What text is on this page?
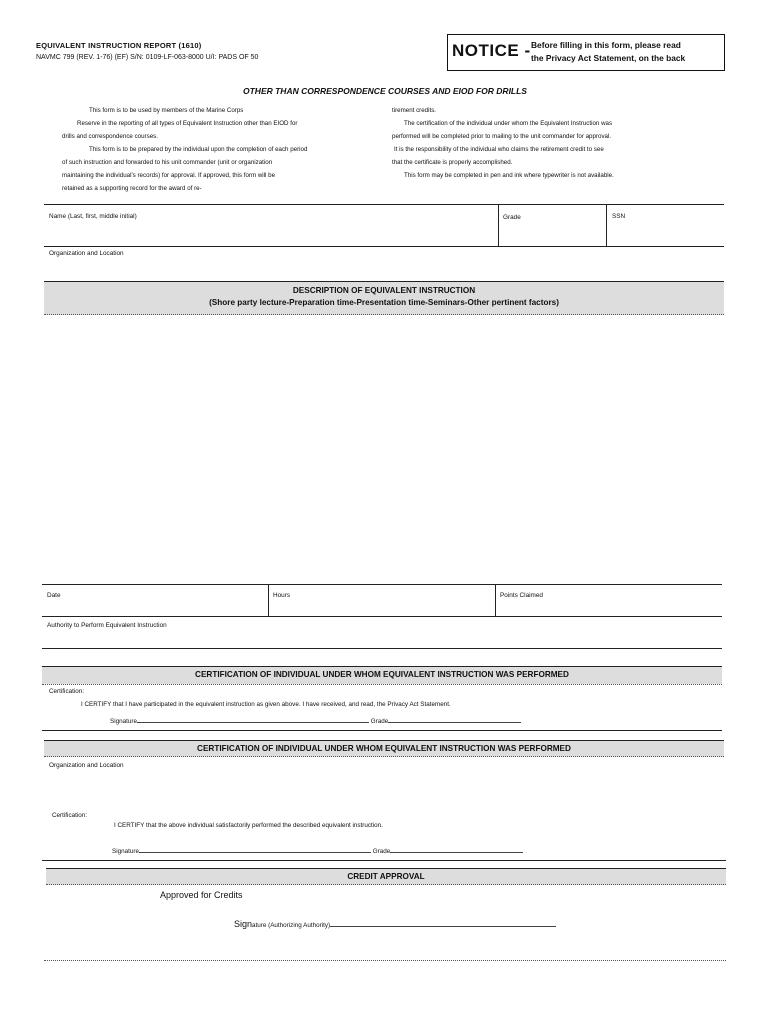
EQUIVALENT INSTRUCTION REPORT (1610)
NAVMC 799 (REV. 1-76) (EF) S/N: 0109-LF-063-8000 U/I: PADS OF 50	NOTICE - Before filling in this form, please read
the Privacy Act Statement, on the back
OTHER THAN CORRESPONDENCE COURSES AND EIOD FOR DRILLS

This form is to be used by members of the Marine Corps

Reserve in the reporting of all types of Equivalent Instruction other than EIOD for

drills and correspondence courses.

This form is to be prepared by the individual upon the completion of each period

of such instruction and forwarded to his unit commander (unit or organization

maintaining the individual's records) for approval. If approved, this form will be

retained as a supporting record for the award of re-

tirement credits.

The certification of the individual under whom the Equivalent Instruction was

performed will be completed prior to mailing to the unit commander for approval.

It is the responsibility of the individual who claims the retirement credit to see

that the certificate is properly accomplished.

This form may be completed in pen and ink where typewriter is not available.

Name (Last, first, middle initial)	Grade	SSN
Organization and Location
DESCRIPTION OF EQUIVALENT INSTRUCTION
(Shore party lecture-Preparation time-Presentation time-Seminars-Other pertinent factors)
Date	Hours	Points Claimed
Authority to Perform Equivalent Instruction
CERTIFICATION OF INDIVIDUAL UNDER WHOM EQUIVALENT INSTRUCTION WAS PERFORMED
Certification:
I CERTIFY that I have participated in the equivalent instruction as given above. I have received, and read, the Privacy Act Statement.
Signature	Grade
CERTIFICATION OF INDIVIDUAL UNDER WHOM EQUIVALENT INSTRUCTION WAS PERFORMED
Organization and Location
Certification:
I CERTIFY that the above individual satisfactorily performed the described equivalent instruction.
Signature	Grade
CREDIT APPROVAL
Approved for Credits
Signature (Authorizing Authority)
